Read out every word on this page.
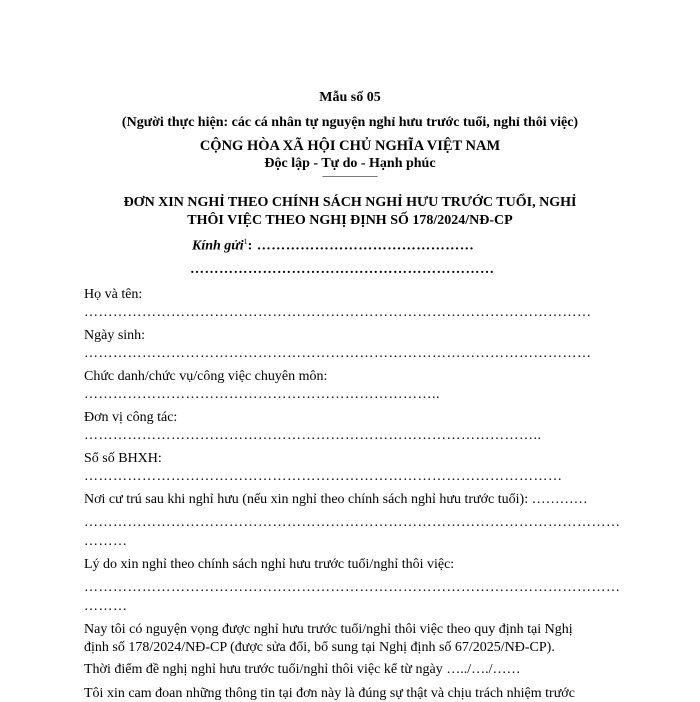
Mẫu số 05
(Người thực hiện: các cá nhân tự nguyện nghỉ hưu trước tuổi, nghỉ thôi việc)
CỘNG HÒA XÃ HỘI CHỦ NGHĨA VIỆT NAM
Độc lập - Tự do - Hạnh phúc
—————
ĐƠN XIN NGHỈ THEO CHÍNH SÁCH NGHỈ HƯU TRƯỚC TUỔI, NGHỈ
THÔI VIỆC THEO NGHỊ ĐỊNH SỐ 178/2024/NĐ-CP
Kính gửi$^1$: ………………………………………
………………………………………………………
Họ và tên:
……………………………………………………………………………………………
Ngày sinh:
……………………………………………………………………………………………
Chức danh/chức vụ/công việc chuyên môn:
………………………………………………………………..
Đơn vị công tác:
…………………………………………………………………………………..
Sổ số BHXH:
………………………………………………………………………………………
Nơi cư trú sau khi nghỉ hưu (nếu xin nghỉ theo chính sách nghỉ hưu trước tuổi): …………
…………………………………………………………………………………………………
………
Lý do xin nghỉ theo chính sách nghỉ hưu trước tuổi/nghỉ thôi việc:
…………………………………………………………………………………………………
………
Nay tôi có nguyện vọng được nghỉ hưu trước tuổi/nghỉ thôi việc theo quy định tại Nghị
định số 178/2024/NĐ-CP (được sửa đổi, bổ sung tại Nghị định số 67/2025/NĐ-CP).
Thời điểm đề nghị nghỉ hưu trước tuổi/nghỉ thôi việc kể từ ngày …../…./……
Tôi xin cam đoan những thông tin tại đơn này là đúng sự thật và chịu trách nhiệm trước
